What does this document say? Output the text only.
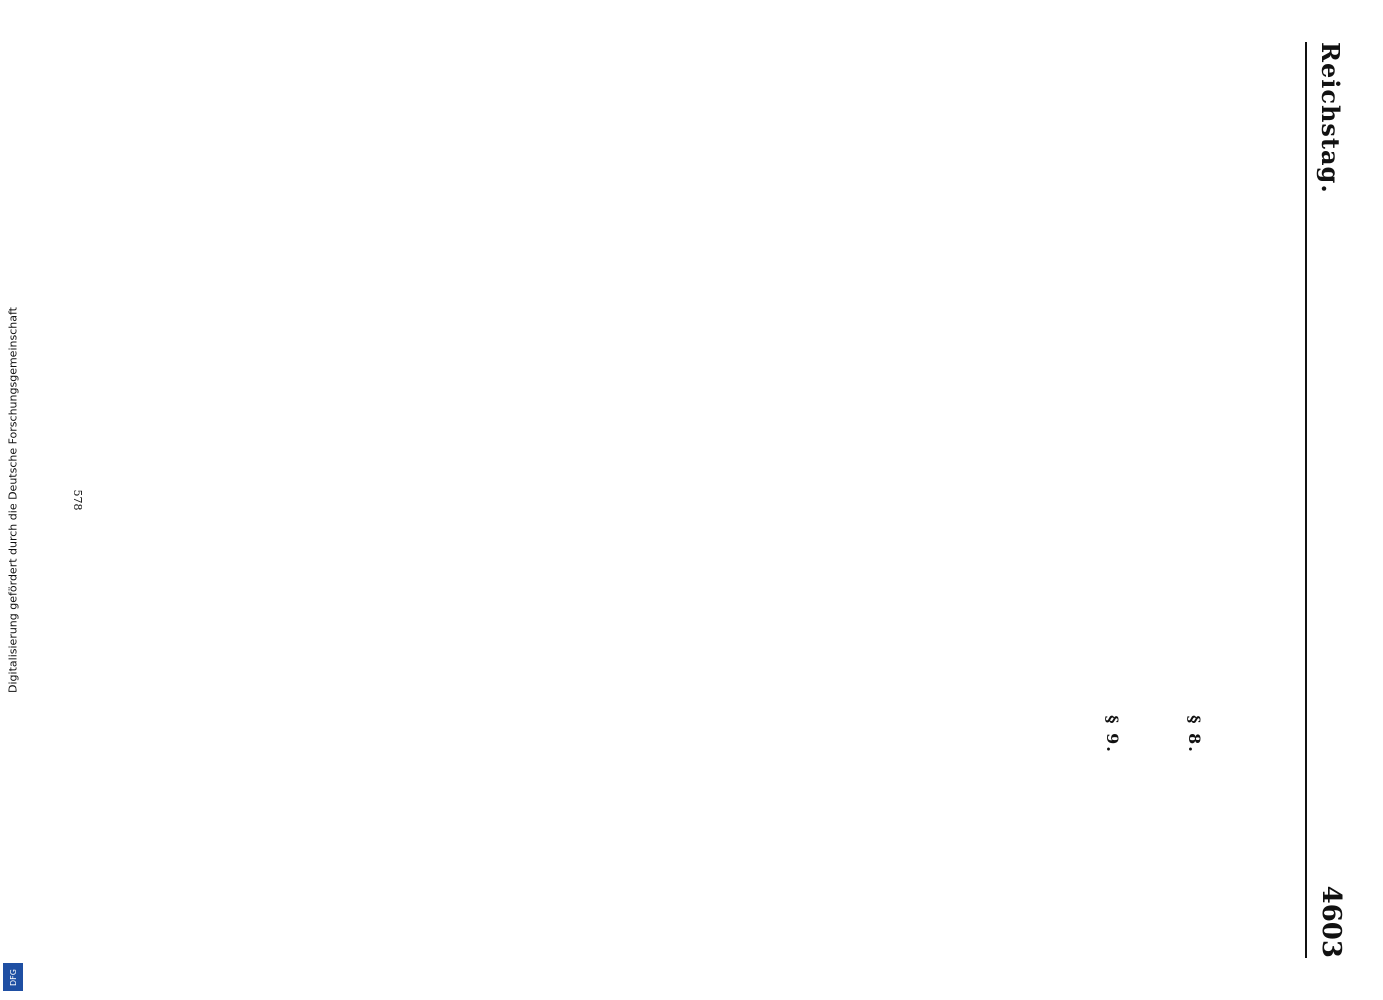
Digitalisierung gefördert durch die Deutsche Forschungsgemeinschaft
DFG
Reichstag.
4603

§ 8.

§ 9.

578
